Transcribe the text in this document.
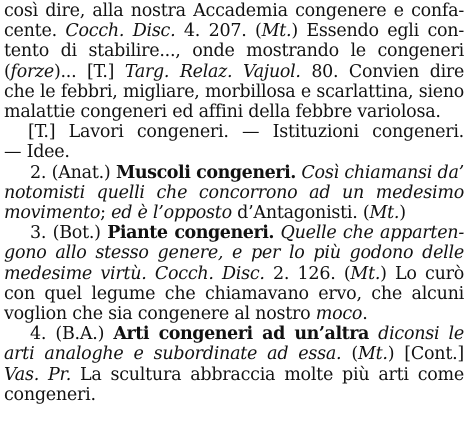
così dire, alla nostra Accademia congenere e confa-
cente. Cocch. Disc. 4. 207. (Mt.) Essendo egli con-
tento di stabilire..., onde mostrando le congeneri
(forze)... [T.] Targ. Relaz. Vajuol. 80. Convien dire
che le febbri, migliare, morbillosa e scarlattina, sieno
malattie congeneri ed affini della febbre variolosa.
[T.] Lavori congeneri. — Istituzioni congeneri.
— Idee.
2. (Anat.) Muscoli congeneri. Così chiamansi da’
notomisti quelli che concorrono ad un medesimo
movimento; ed è l’opposto d’Antagonisti. (Mt.)
3. (Bot.) Piante congeneri. Quelle che apparten-
gono allo stesso genere, e per lo più godono delle
medesime virtù. Cocch. Disc. 2. 126. (Mt.) Lo curò
con quel legume che chiamavano ervo, che alcuni
voglion che sia congenere al nostro moco.
4. (B.A.) Arti congeneri ad un’altra diconsi le
arti analoghe e subordinate ad essa. (Mt.) [Cont.]
Vas. Pr. La scultura abbraccia molte più arti come
congeneri.
